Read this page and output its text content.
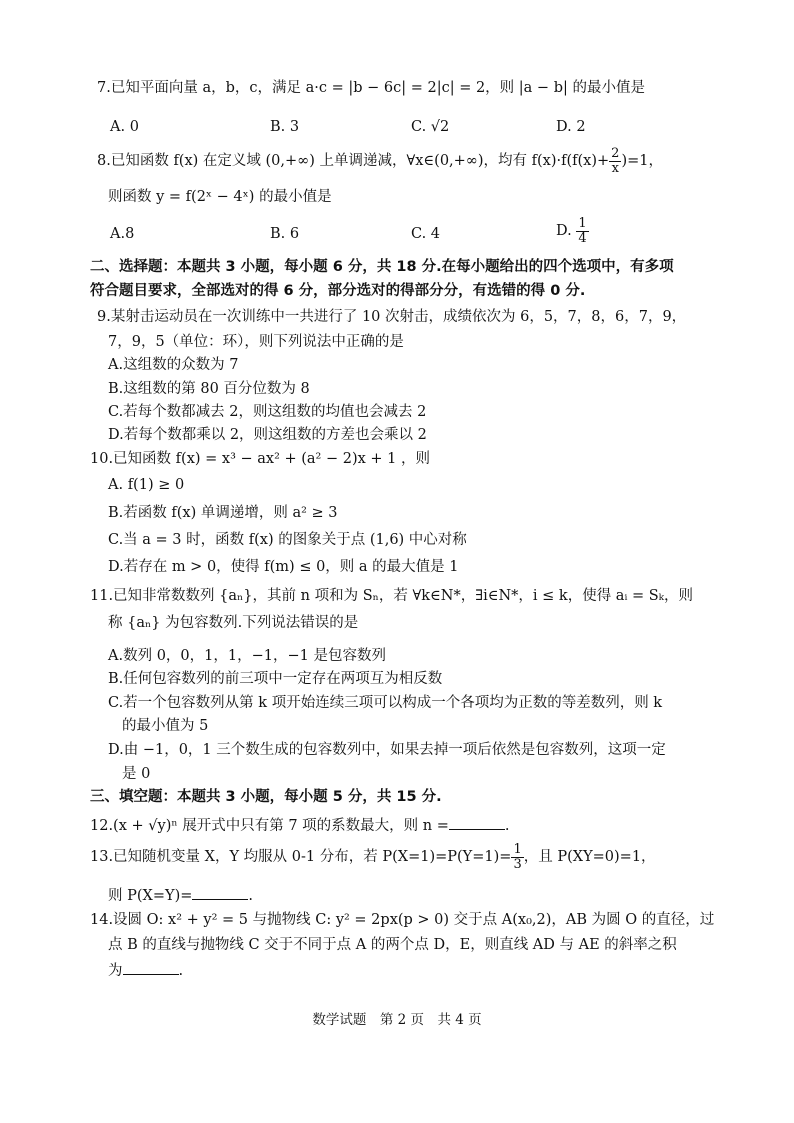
7.已知平面向量 a，b，c，满足 a·c = |b − 6c| = 2|c| = 2，则 |a − b| 的最小值是
A. 0	B. 3	C. √2	D. 2
8.已知函数 f(x) 在定义域 (0,+∞) 上单调递减，∀x∈(0,+∞)，均有 $f(x)\cdot f(f(x)+ \frac{2}{x} )=1$，
则函数 y = f(2ˣ − 4ˣ) 的最小值是
A.8	B. 6	C. 4	D. $\frac{1}{4}$
二、选择题：本题共 3 小题，每小题 6 分，共 18 分.在每小题给出的四个选项中，有多项
符合题目要求，全部选对的得 6 分，部分选对的得部分分，有选错的得 0 分.
9.某射击运动员在一次训练中一共进行了 10 次射击，成绩依次为 6，5，7，8，6，7，9，
7，9，5（单位：环），则下列说法中正确的是
A.这组数的众数为 7
B.这组数的第 80 百分位数为 8
C.若每个数都减去 2，则这组数的均值也会减去 2
D.若每个数都乘以 2，则这组数的方差也会乘以 2
10.已知函数 f(x) = x³ − ax² + (a² − 2)x + 1 ，则
A. f(1) ≥ 0
B.若函数 f(x) 单调递增，则 a² ≥ 3
C.当 a = 3 时，函数 f(x) 的图象关于点 (1,6) 中心对称
D.若存在 m > 0，使得 f(m) ≤ 0，则 a 的最大值是 1
11.已知非常数数列 {aₙ}，其前 n 项和为 Sₙ，若 ∀k∈N*，∃i∈N*，i ≤ k，使得 aᵢ = Sₖ，则
称 {aₙ} 为包容数列.下列说法错误的是
A.数列 0，0，1，1，−1，−1 是包容数列
B.任何包容数列的前三项中一定存在两项互为相反数
C.若一个包容数列从第 k 项开始连续三项可以构成一个各项均为正数的等差数列，则 k
的最小值为 5
D.由 −1，0，1 三个数生成的包容数列中，如果去掉一项后依然是包容数列，这项一定
是 0
三、填空题：本题共 3 小题，每小题 5 分，共 15 分.
12.(x + √y)ⁿ 展开式中只有第 7 项的系数最大，则 n =	.
13.已知随机变量 X，Y 均服从 0-1 分布，若 $P(X=1)=P(Y=1)= \frac{1}{3}$ ，且 P(XY=0)=1，
则 P(X=Y)=	.
14.设圆 O: x² + y² = 5 与抛物线 C: y² = 2px(p > 0) 交于点 A(x₀,2)，AB 为圆 O 的直径，过
点 B 的直线与抛物线 C 交于不同于点 A 的两个点 D，E，则直线 AD 与 AE 的斜率之积
为	.
数学试题　第 2 页　共 4 页
